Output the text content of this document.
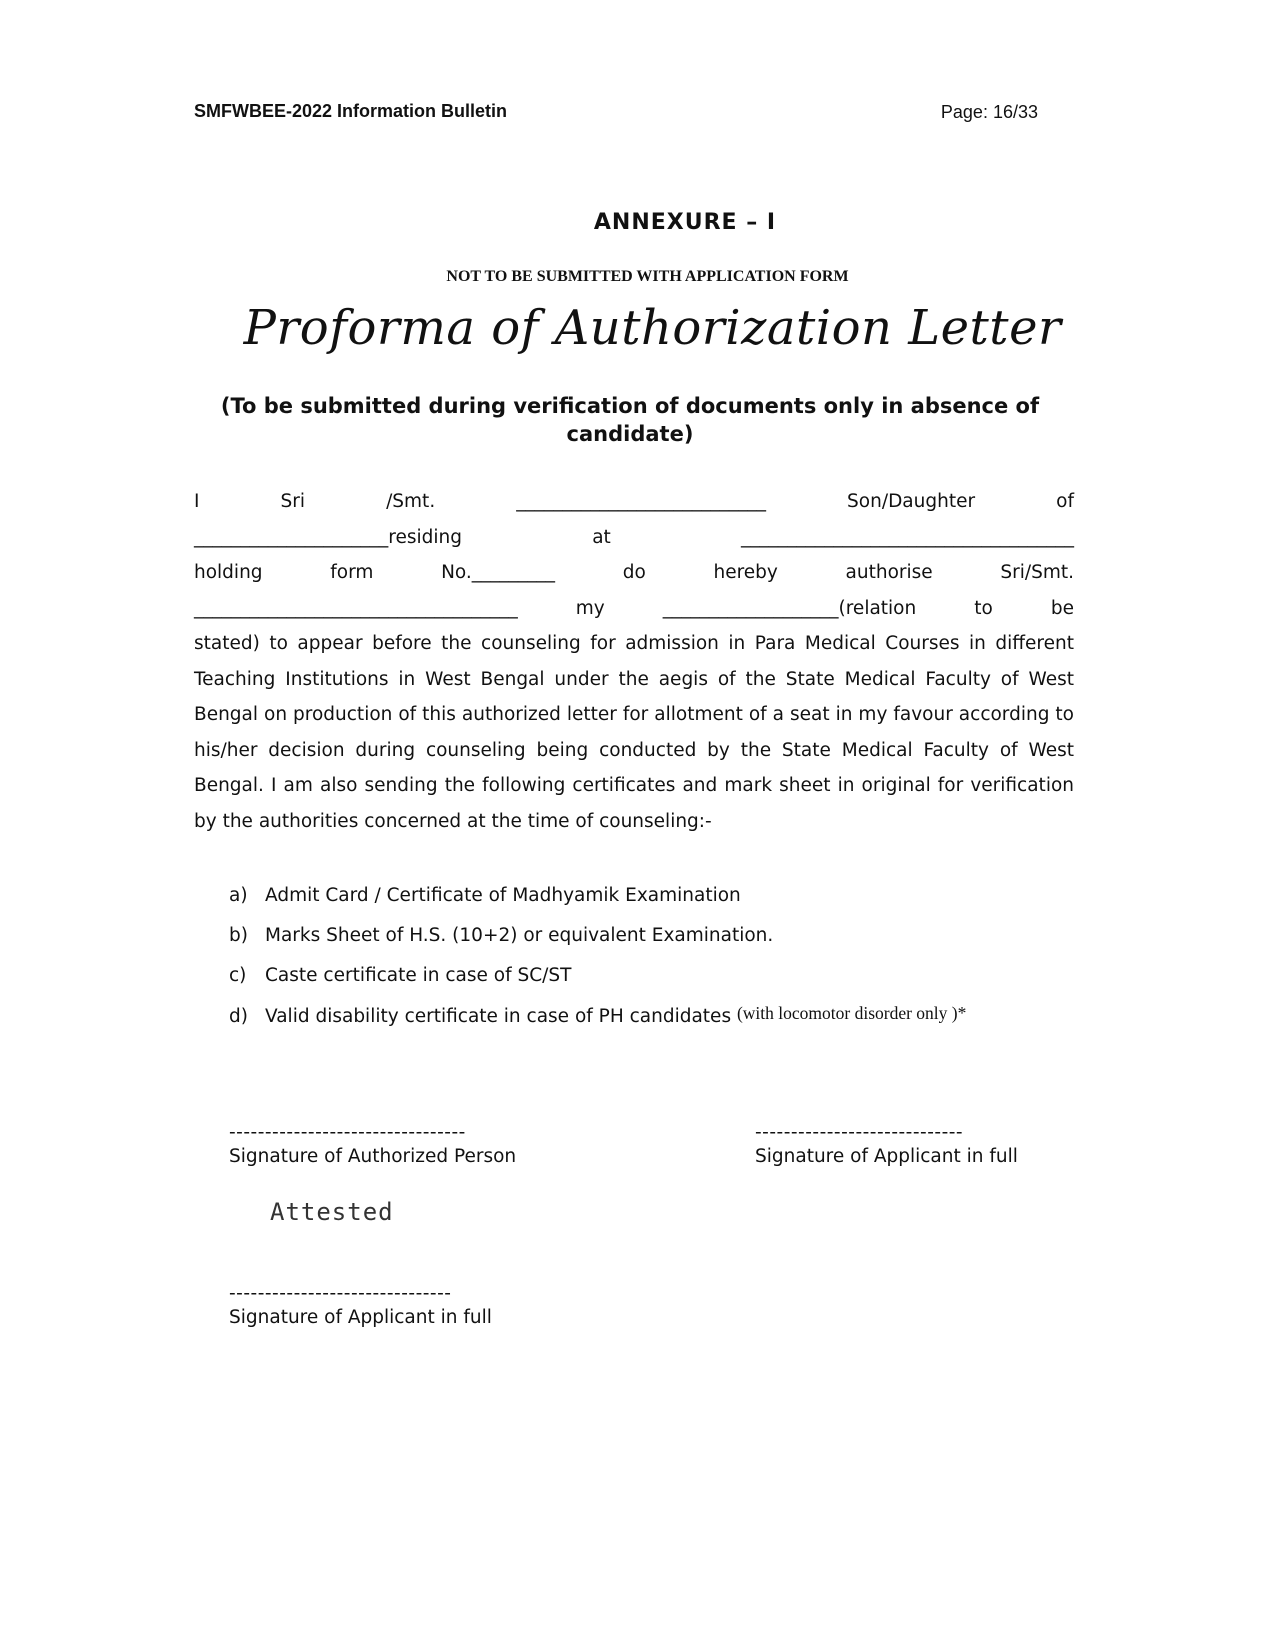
SMFWBEE-2022 Information Bulletin	Page: 16/33
ANNEXURE – I
NOT TO BE SUBMITTED WITH APPLICATION FORM
Proforma of Authorization Letter
(To be submitted during verification of documents only in absence of candidate)
I	Sri	/Smt.	___________________________	Son/Daughter	of
_____________________residing	at	____________________________________
holding	form	No._________	do	hereby	authorise	Sri/Smt.
___________________________________	my	___________________(relation	to	be
stated) to appear before the counseling for admission in Para Medical Courses in different Teaching Institutions in West Bengal under the aegis of the State Medical Faculty of West Bengal on production of this authorized letter for allotment of a seat in my favour according to his/her decision during counseling being conducted by the State Medical Faculty of West Bengal. I am also sending the following certificates and mark sheet in original for verification by the authorities concerned at the time of counseling:-
a) Admit Card / Certificate of Madhyamik Examination
b) Marks Sheet of H.S. (10+2) or equivalent Examination.
c) Caste certificate in case of SC/ST
d) Valid disability certificate in case of PH candidates (with locomotor disorder only )*
---------------------------------
Signature of Authorized Person
-----------------------------
Signature of Applicant in full
Attested
-------------------------------
Signature of Applicant in full
